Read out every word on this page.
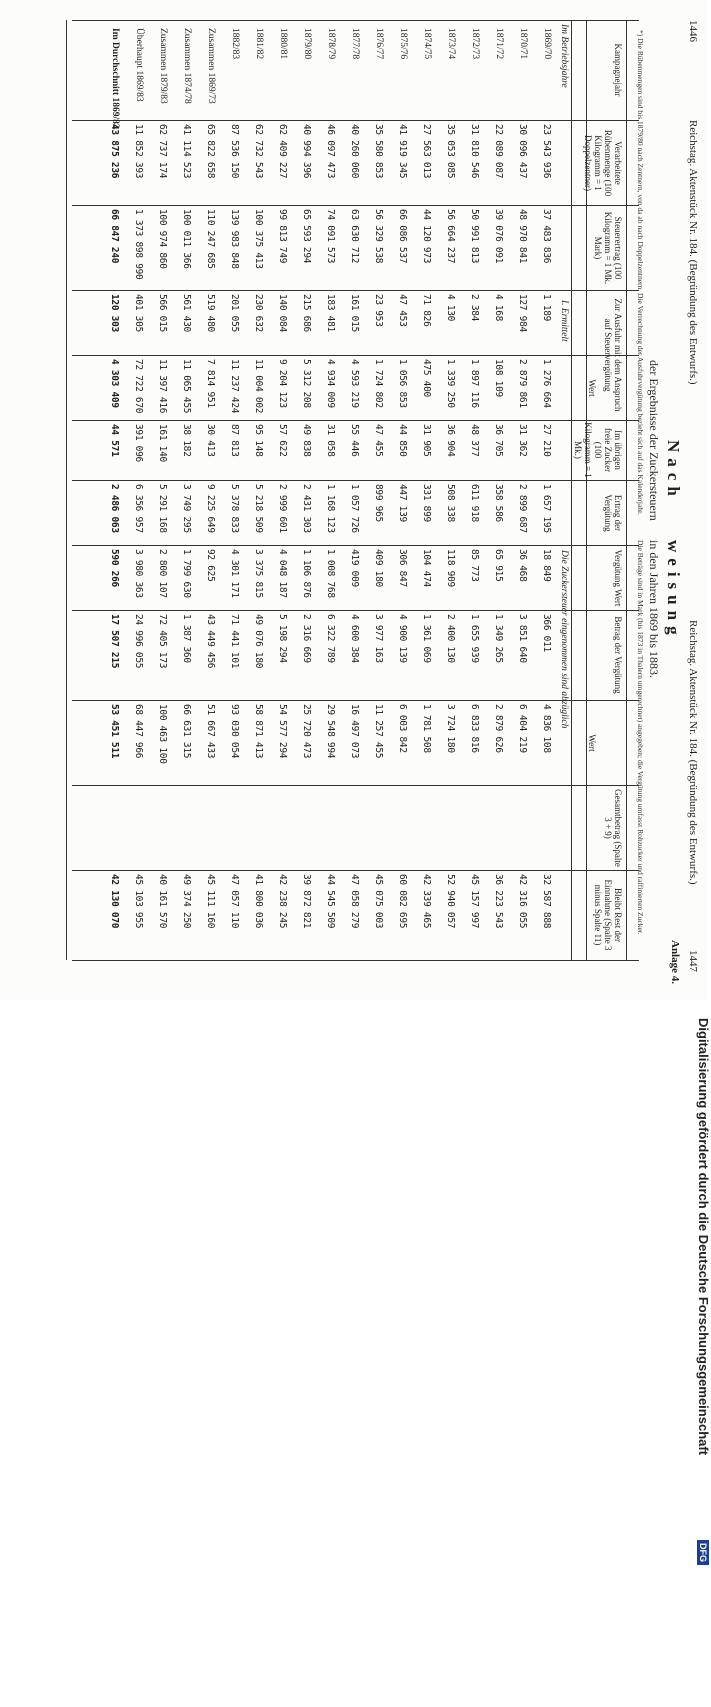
1446
Reichstag. Aktenstück Nr. 184. (Begründung des Entwurfs.)
Reichstag. Aktenstück Nr. 184. (Begründung des Entwurfs.)
1447
Anlage 4.
Nach
weisung
der Ergebnisse der Zuckersteuern
in den Jahren 1869 bis 1883.
*) Die Rübenmengen sind bis 1879/80 nach Zentnern, von da ab nach Doppelzentnern. Die Verrechnung der Ausfuhrvergütung bezieht sich auf das Kalenderjahr.
Die Beträge sind in Mark (bis 1873 in Thalern umgerechnet) angegeben; die Vergütung umfasst Rohzucker und raffinierten Zucker.
Kampagnejahr
Verarbeitete Rübenmenge (100 Kilogramm = 1 Doppelzentner)
Steuerertrag (100 Kilogramm = 1 Mk. Mark)
Zur Ausfuhr mit dem Anspruch auf Steuervergütung
Wert
Im übrigen freie Zucker (100 Kilogramm = 1 Mk.)
Ertrag der Vergütung
Vergütung Wert
Betrag der Vergütung
Wert
Gesamtbetrag (Spalte 3 + 9)
Bleibt Rest der Einnahme (Spalte 3 minus Spalte 11)
Im Betriebsjahre
I. Ermittelt
Die Zuckersteuer eingenommen sind abzüglich
1869/70
23 543 936
37 483 836
1 189
1 276 664
27 210
1 657 195
18 849
366 011
4 836 108
32 587 888
1870/71
30 096 437
48 970 841
127 984
2 879 861
31 362
2 899 687
36 468
3 851 640
6 404 219
42 316 055
1871/72
22 089 087
39 076 091
4 168
108 109
36 705
358 586
65 915
1 349 265
2 879 626
36 223 543
1872/73
31 810 546
50 991 813
2 384
1 897 116
48 377
611 918
85 773
1 655 939
6 833 816
45 157 997
1873/74
35 053 085
56 664 237
4 130
1 339 250
36 904
508 338
118 909
2 400 130
3 724 180
52 940 057
1874/75
27 563 013
44 120 973
71 826
475 400
31 905
331 899
104 474
1 361 069
1 781 508
42 339 465
1875/76
41 919 345
66 086 537
47 453
1 056 853
44 850
447 139
306 847
4 900 139
6 003 842
60 082 695
1876/77
35 580 853
56 329 538
23 953
1 724 802
47 455
899 965
409 180
3 977 163
11 257 455
45 075 003
1877/78
40 260 060
63 630 712
161 015
4 593 219
55 446
1 057 726
419 009
4 600 384
16 497 073
47 058 279
1878/79
46 097 473
74 091 573
183 481
4 934 009
31 058
1 168 123
1 008 768
6 322 789
29 548 994
44 545 509
1879/80
40 994 396
65 593 294
215 686
5 312 208
49 838
2 431 303
1 106 876
2 316 669
25 720 473
39 872 821
1880/81
62 409 227
99 813 749
140 084
9 204 123
57 622
2 999 601
4 048 187
5 198 294
54 577 294
42 238 245
1881/82
62 732 543
100 375 413
230 632
11 004 002
95 148
5 218 509
3 375 815
49 076 180
58 871 413
41 800 036
1882/83
87 536 150
139 983 848
201 055
11 237 424
87 813
5 378 833
4 301 171
71 441 101
93 030 054
47 057 110
Zusammen 1869/73
65 822 658
110 247 685
519 480
7 814 951
30 413
9 225 649
92 625
43 449 456
51 667 433
45 111 160
Zusammen 1874/78
41 114 523
100 011 366
561 430
11 065 455
38 182
3 749 295
1 799 630
1 387 360
66 631 315
49 374 250
Zusammen 1879/83
62 737 174
100 974 860
566 015
11 397 416
161 140
5 291 168
2 800 107
72 405 173
100 463 100
40 161 570
Überhaupt 1869/83
11 852 393
1 373 898 990
401 305
72 722 670
391 096
6 356 957
3 980 363
24 996 055
68 447 966
45 103 955
Im Durchschnitt 1869/83
43 875 236
66 847 240
120 303
4 303 409
44 571
2 486 063
590 266
17 507 215
53 451 511
42 130 070
Digitalisierung gefördert durch die Deutsche Forschungsgemeinschaft
DFG
